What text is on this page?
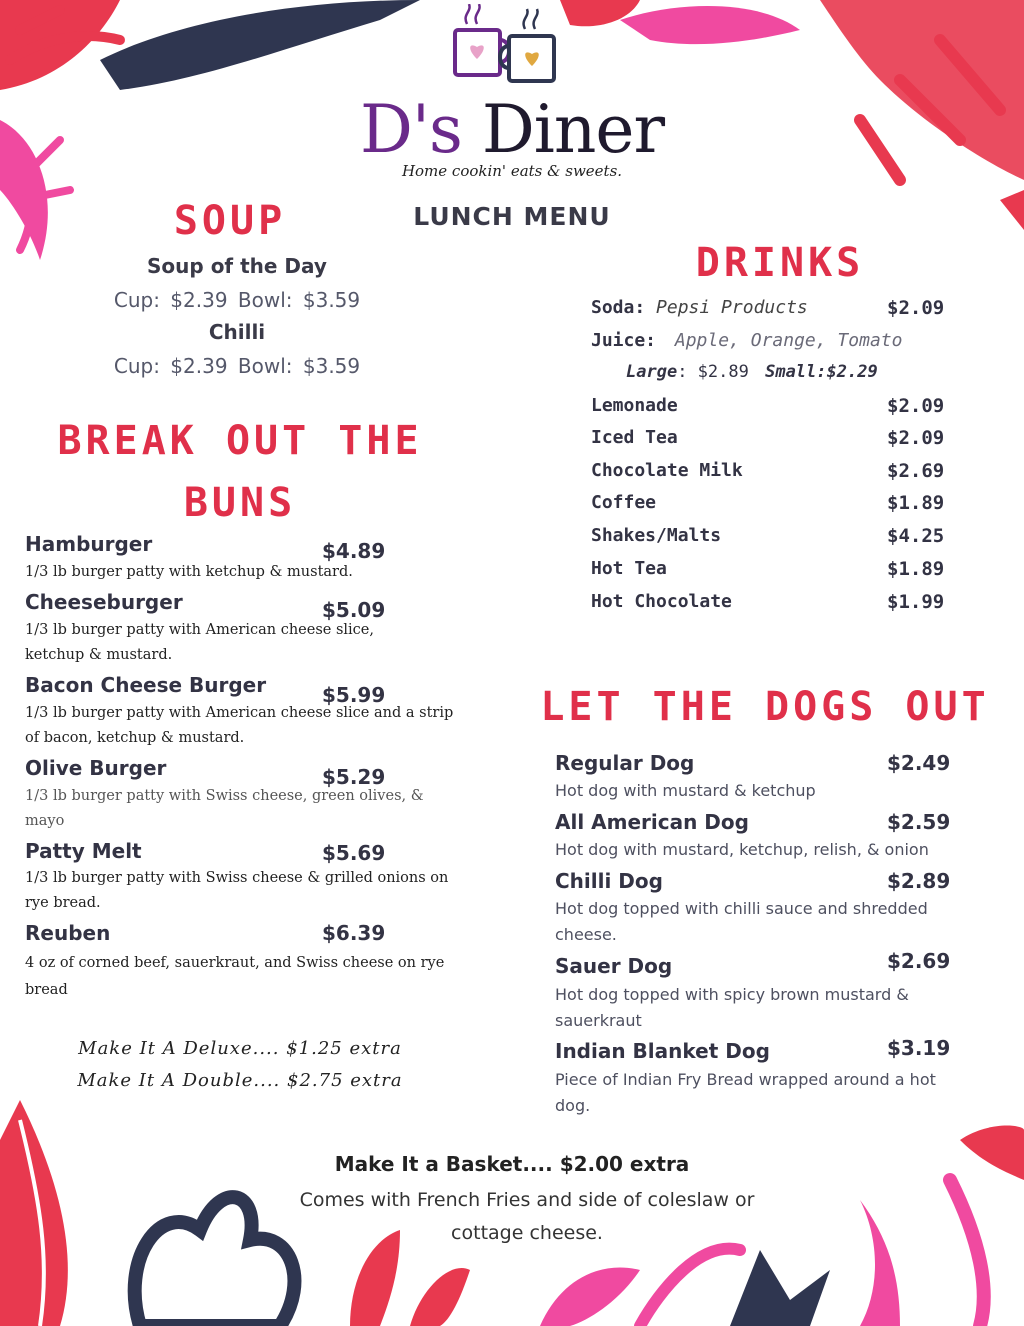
D's Diner
Home cookin' eats & sweets.
LUNCH MENU
SOUP
Soup of the Day
Cup: $2.39 Bowl: $3.59
Chilli
Cup: $2.39 Bowl: $3.59
BREAK OUT THE
BUNS
Hamburger	$4.89
1/3 lb burger patty with ketchup & mustard.
Cheeseburger	$5.09
1/3 lb burger patty with American cheese slice, ketchup & mustard.
Bacon Cheese Burger	$5.99
1/3 lb burger patty with American cheese slice and a strip of bacon, ketchup & mustard.
Olive Burger	$5.29
1/3 lb burger patty with Swiss cheese, green olives, & mayo
Patty Melt	$5.69
1/3 lb burger patty with Swiss cheese & grilled onions on rye bread.
Reuben	$6.39
4 oz of corned beef, sauerkraut, and Swiss cheese on rye bread
Make It A Deluxe.... $1.25 extra
Make It A Double.... $2.75 extra
DRINKS
Soda: Pepsi Products	$2.09
Juice: Apple, Orange, Tomato
Large: $2.89 Small:$2.29
Lemonade	$2.09
Iced Tea	$2.09
Chocolate Milk	$2.69
Coffee	$1.89
Shakes/Malts	$4.25
Hot Tea	$1.89
Hot Chocolate	$1.99
LET THE DOGS OUT
Regular Dog	$2.49
Hot dog with mustard & ketchup
All American Dog	$2.59
Hot dog with mustard, ketchup, relish, & onion
Chilli Dog	$2.89
Hot dog topped with chilli sauce and shredded cheese.
Sauer Dog	$2.69
Hot dog topped with spicy brown mustard & sauerkraut
Indian Blanket Dog	$3.19
Piece of Indian Fry Bread wrapped around a hot dog.
Make It a Basket.... $2.00 extra
Comes with French Fries and side of coleslaw or cottage cheese.
